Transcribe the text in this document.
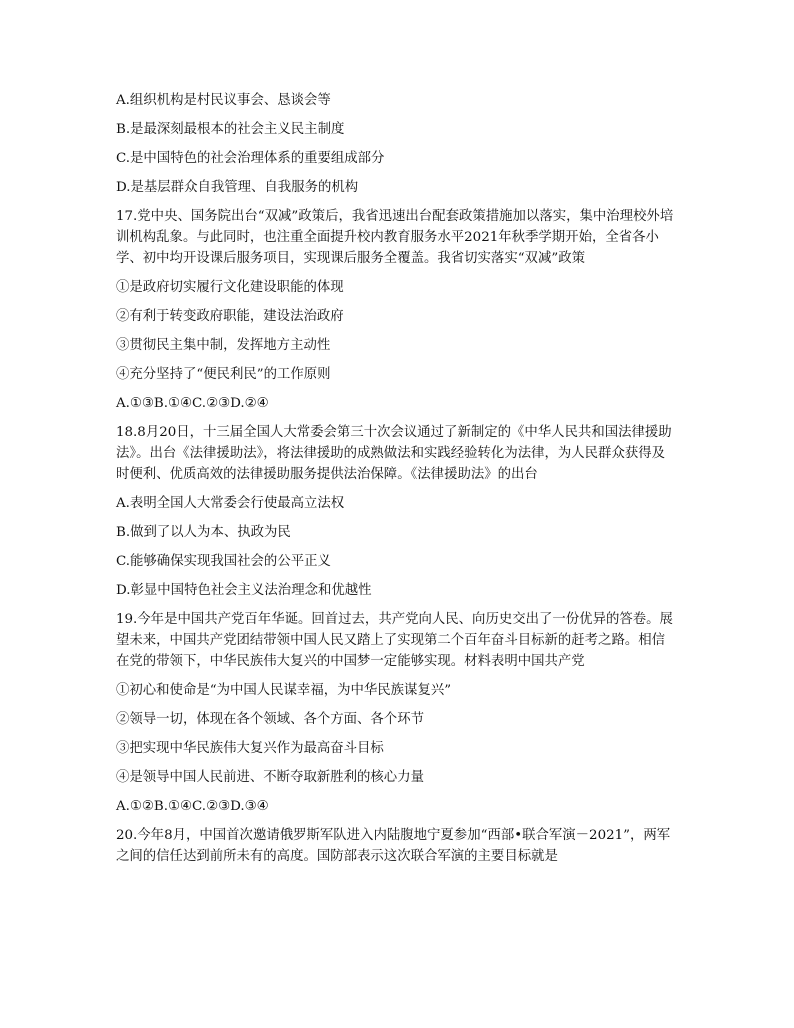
A.组织机构是村民议事会、恳谈会等

B.是最深刻最根本的社会主义民主制度

C.是中国特色的社会治理体系的重要组成部分

D.是基层群众自我管理、自我服务的机构

17.党中央、国务院出台“双减”政策后，我省迅速出台配套政策措施加以落实，集中治理校外培训机构乱象。与此同时，也注重全面提升校内教育服务水平2021年秋季学期开始，全省各小学、初中均开设课后服务项目，实现课后服务全覆盖。我省切实落实“双减”政策

①是政府切实履行文化建设职能的体现

②有利于转变政府职能，建设法治政府

③贯彻民主集中制，发挥地方主动性

④充分坚持了“便民利民”的工作原则

A.①③B.①④C.②③D.②④

18.8月20日，十三届全国人大常委会第三十次会议通过了新制定的《中华人民共和国法律援助法》。出台《法律援助法》，将法律援助的成熟做法和实践经验转化为法律，为人民群众获得及时便利、优质高效的法律援助服务提供法治保障。《法律援助法》的出台

A.表明全国人大常委会行使最高立法权

B.做到了以人为本、执政为民

C.能够确保实现我国社会的公平正义

D.彰显中国特色社会主义法治理念和优越性

19.今年是中国共产党百年华诞。回首过去，共产党向人民、向历史交出了一份优异的答卷。展望未来，中国共产党团结带领中国人民又踏上了实现第二个百年奋斗目标新的赶考之路。相信在党的带领下，中华民族伟大复兴的中国梦一定能够实现。材料表明中国共产党

①初心和使命是“为中国人民谋幸福，为中华民族谋复兴”

②领导一切，体现在各个领域、各个方面、各个环节

③把实现中华民族伟大复兴作为最高奋斗目标

④是领导中国人民前进、不断夺取新胜利的核心力量

A.①②B.①④C.②③D.③④

20.今年8月，中国首次邀请俄罗斯军队进入内陆腹地宁夏参加“西部•联合军演－2021”，两军之间的信任达到前所未有的高度。国防部表示这次联合军演的主要目标就是
